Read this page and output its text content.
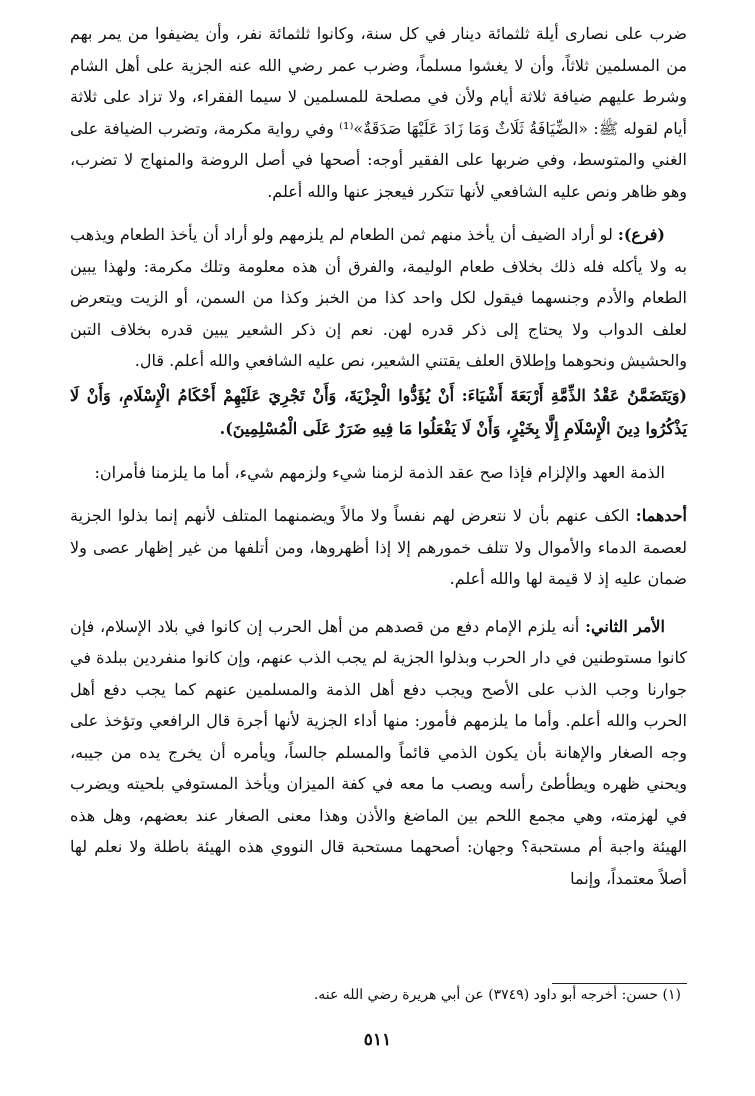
ضرب على نصارى أيلة ثلثمائة دينار في كل سنة، وكانوا ثلثمائة نفر، وأن يضيفوا من يمر بهم من المسلمين ثلاثاً، وأن لا يغشوا مسلماً، وضرب عمر رضي الله عنه الجزية على أهل الشام وشرط عليهم ضيافة ثلاثة أيام ولأن في مصلحة للمسلمين لا سيما الفقراء، ولا تزاد على ثلاثة أيام لقوله ﷺ: «الضِّيَافَةُ ثَلَاثٌ وَمَا زَادَ عَلَيْهَا صَدَقَةٌ»⁽¹⁾ وفي رواية مكرمة، وتضرب الضيافة على الغني والمتوسط، وفي ضربها على الفقير أوجه: أصحها في أصل الروضة والمنهاج لا تضرب، وهو ظاهر ونص عليه الشافعي لأنها تتكرر فيعجز عنها والله أعلم.

(فرع): لو أراد الضيف أن يأخذ منهم ثمن الطعام لم يلزمهم ولو أراد أن يأخذ الطعام ويذهب به ولا يأكله فله ذلك بخلاف طعام الوليمة، والفرق أن هذه معلومة وتلك مكرمة: ولهذا يبين الطعام والأدم وجنسهما فيقول لكل واحد كذا من الخبز وكذا من السمن، أو الزيت ويتعرض لعلف الدواب ولا يحتاج إلى ذكر قدره لهن. نعم إن ذكر الشعير يبين قدره بخلاف التبن والحشيش ونحوهما وإطلاق العلف يقتني الشعير، نص عليه الشافعي والله أعلم. قال.

(وَيَتَضَمَّنُ عَقْدُ الذِّمَّةِ أَرْبَعَةَ أَشْيَاءَ: أَنْ يُؤَدُّوا الْجِزْيَةَ، وَأَنْ تَجْرِيَ عَلَيْهِمْ أَحْكَامُ الْإِسْلَامِ، وَأَنْ لَا يَذْكُرُوا دِينَ الْإِسْلَامِ إِلَّا بِخَيْرٍ، وَأَنْ لَا يَفْعَلُوا مَا فِيهِ ضَرَرٌ عَلَى الْمُسْلِمِينَ).

الذمة العهد والإلزام فإذا صح عقد الذمة لزمنا شيء ولزمهم شيء، أما ما يلزمنا فأمران:

أحدهما: الكف عنهم بأن لا نتعرض لهم نفساً ولا مالاً ويضمنهما المتلف لأنهم إنما بذلوا الجزية لعصمة الدماء والأموال ولا تتلف خمورهم إلا إذا أظهروها، ومن أتلفها من غير إظهار عصى ولا ضمان عليه إذ لا قيمة لها والله أعلم.

الأمر الثاني: أنه يلزم الإمام دفع من قصدهم من أهل الحرب إن كانوا في بلاد الإسلام، فإن كانوا مستوطنين في دار الحرب وبذلوا الجزية لم يجب الذب عنهم، وإن كانوا منفردين ببلدة في جوارنا وجب الذب على الأصح ويجب دفع أهل الذمة والمسلمين عنهم كما يجب دفع أهل الحرب والله أعلم. وأما ما يلزمهم فأمور: منها أداء الجزية لأنها أجرة قال الرافعي وتؤخذ على وجه الصغار والإهانة بأن يكون الذمي قائماً والمسلم جالساً، ويأمره أن يخرج يده من جيبه، ويحني ظهره ويطأطئ رأسه ويصب ما معه في كفة الميزان ويأخذ المستوفي بلحيته ويضرب في لهزمته، وهي مجمع اللحم بين الماضغ والأذن وهذا معنى الصغار عند بعضهم، وهل هذه الهيئة واجبة أم مستحبة؟ وجهان: أصحهما مستحبة قال النووي هذه الهيئة باطلة ولا نعلم لها أصلاً معتمداً، وإنما

(١) حسن: أخرجه أبو داود (٣٧٤٩) عن أبي هريرة رضي الله عنه.
٥١١
